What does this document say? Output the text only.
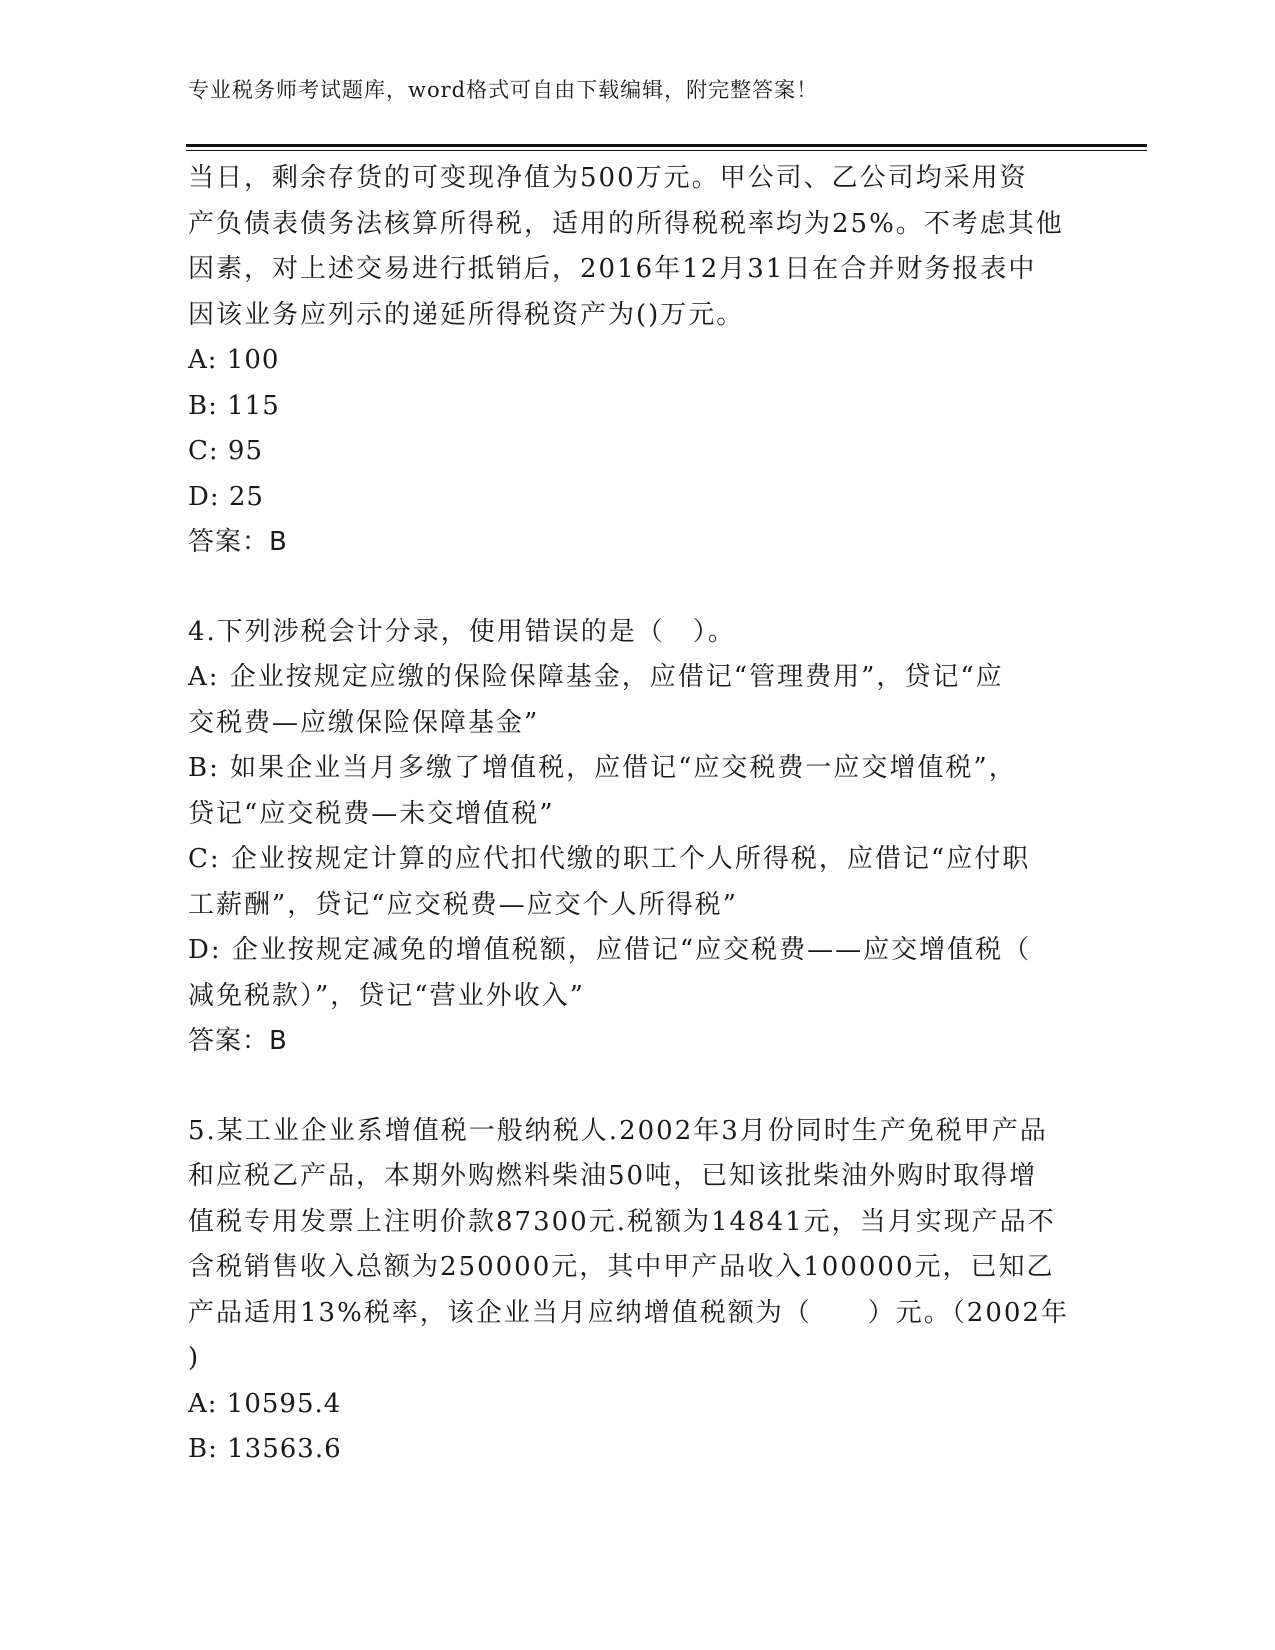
专业税务师考试题库，word格式可自由下载编辑，附完整答案！
当日，剩余存货的可变现净值为500万元。甲公司、乙公司均采用资
产负债表债务法核算所得税，适用的所得税税率均为25%。不考虑其他
因素，对上述交易进行抵销后，2016年12月31日在合并财务报表中
因该业务应列示的递延所得税资产为()万元。
A: 100
B: 115
C: 95
D: 25
答案：B
4.下列涉税会计分录，使用错误的是（　）。
A: 企业按规定应缴的保险保障基金，应借记“管理费用”，贷记“应
交税费—应缴保险保障基金”
B: 如果企业当月多缴了增值税，应借记“应交税费一应交增值税”，
贷记“应交税费—未交增值税”
C: 企业按规定计算的应代扣代缴的职工个人所得税，应借记“应付职
工薪酬”，贷记“应交税费—应交个人所得税”
D: 企业按规定减免的增值税额，应借记“应交税费——应交增值税（
减免税款）”，贷记“营业外收入”
答案：B
5.某工业企业系增值税一般纳税人.2002年3月份同时生产免税甲产品
和应税乙产品，本期外购燃料柴油50吨，已知该批柴油外购时取得增
值税专用发票上注明价款87300元.税额为14841元，当月实现产品不
含税销售收入总额为250000元，其中甲产品收入100000元，已知乙
产品适用13%税率，该企业当月应纳增值税额为（　　）元。（2002年
)
A: 10595.4
B: 13563.6
